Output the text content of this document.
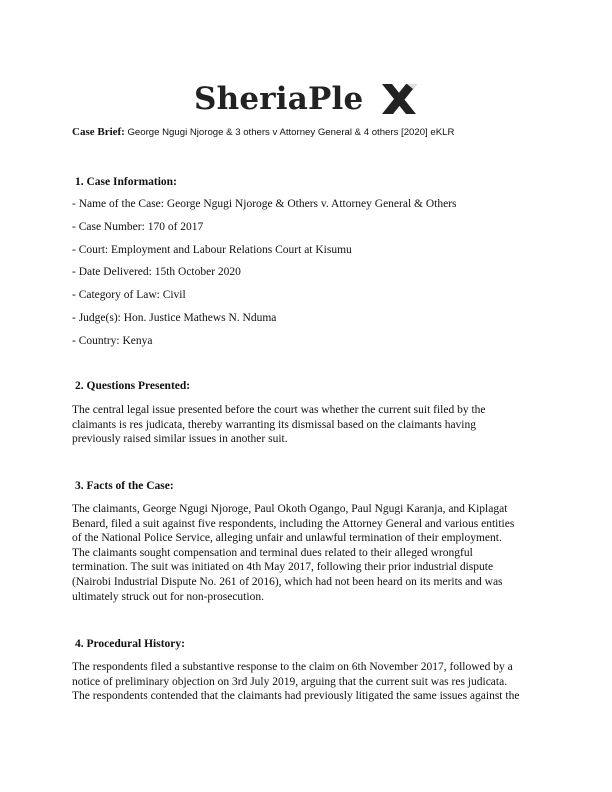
SheriaPle
Case Brief: George Ngugi Njoroge & 3 others v Attorney General & 4 others [2020] eKLR
1. Case Information:
- Name of the Case: George Ngugi Njoroge & Others v. Attorney General & Others
- Case Number: 170 of 2017
- Court: Employment and Labour Relations Court at Kisumu
- Date Delivered: 15th October 2020
- Category of Law: Civil
- Judge(s): Hon. Justice Mathews N. Nduma
- Country: Kenya
2. Questions Presented:
The central legal issue presented before the court was whether the current suit filed by the
claimants is res judicata, thereby warranting its dismissal based on the claimants having
previously raised similar issues in another suit.
3. Facts of the Case:
The claimants, George Ngugi Njoroge, Paul Okoth Ogango, Paul Ngugi Karanja, and Kiplagat
Benard, filed a suit against five respondents, including the Attorney General and various entities
of the National Police Service, alleging unfair and unlawful termination of their employment.
The claimants sought compensation and terminal dues related to their alleged wrongful
termination. The suit was initiated on 4th May 2017, following their prior industrial dispute
(Nairobi Industrial Dispute No. 261 of 2016), which had not been heard on its merits and was
ultimately struck out for non-prosecution.
4. Procedural History:
The respondents filed a substantive response to the claim on 6th November 2017, followed by a
notice of preliminary objection on 3rd July 2019, arguing that the current suit was res judicata.
The respondents contended that the claimants had previously litigated the same issues against the
